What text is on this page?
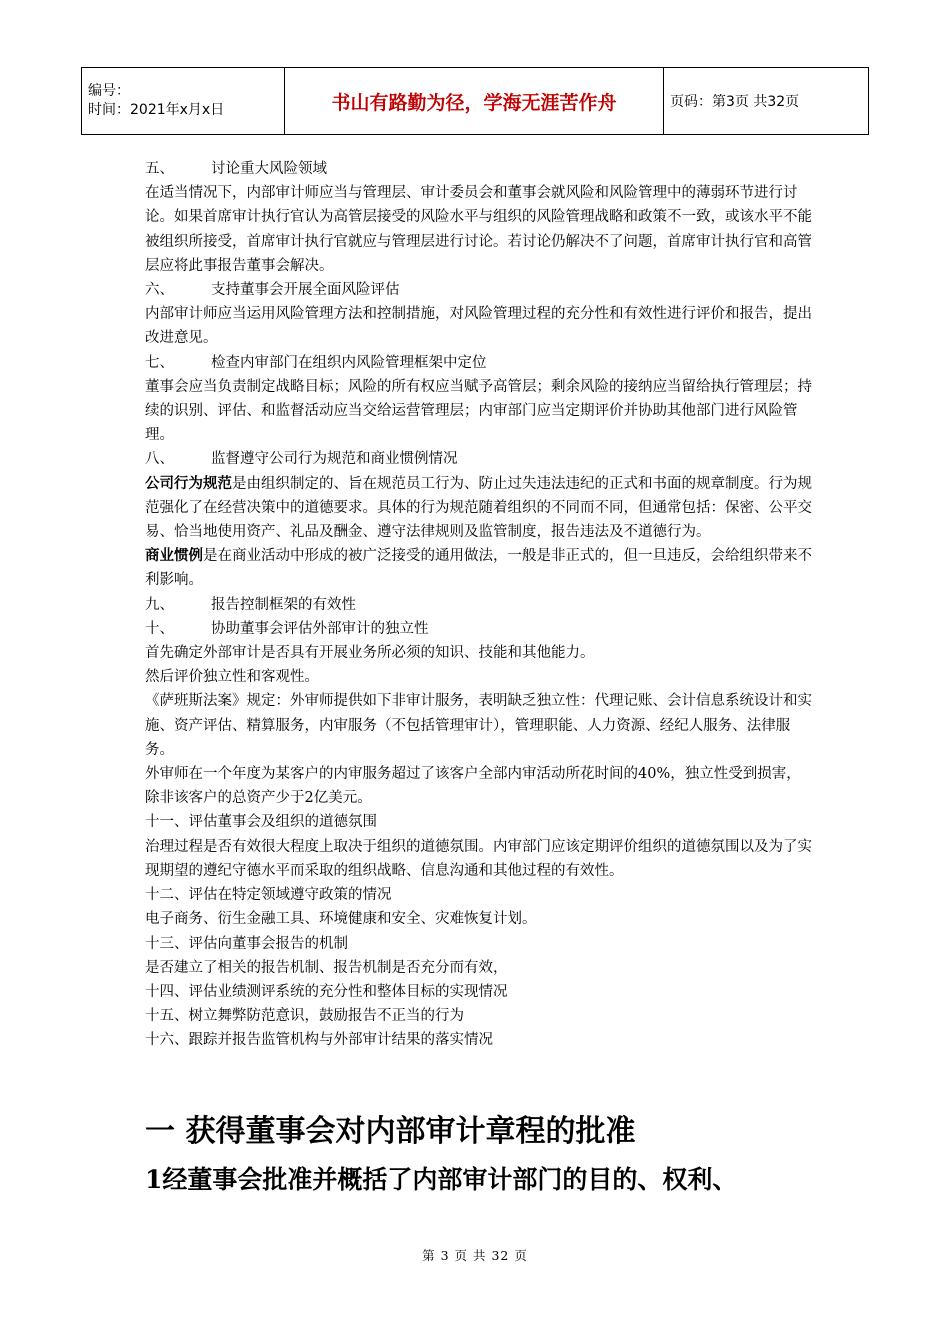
编号：
时间：2021年x月x日	书山有路勤为径，学海无涯苦作舟	页码：第3页 共32页
五、	讨论重大风险领域

在适当情况下，内部审计师应当与管理层、审计委员会和董事会就风险和风险管理中的薄弱环节进行讨论。如果首席审计执行官认为高管层接受的风险水平与组织的风险管理战略和政策不一致，或该水平不能被组织所接受，首席审计执行官就应与管理层进行讨论。若讨论仍解决不了问题，首席审计执行官和高管层应将此事报告董事会解决。

六、	支持董事会开展全面风险评估

内部审计师应当运用风险管理方法和控制措施，对风险管理过程的充分性和有效性进行评价和报告，提出改进意见。

七、	检查内审部门在组织内风险管理框架中定位

董事会应当负责制定战略目标；风险的所有权应当赋予高管层；剩余风险的接纳应当留给执行管理层；持续的识别、评估、和监督活动应当交给运营管理层；内审部门应当定期评价并协助其他部门进行风险管理。

八、	监督遵守公司行为规范和商业惯例情况

公司行为规范是由组织制定的、旨在规范员工行为、防止过失违法违纪的正式和书面的规章制度。行为规范强化了在经营决策中的道德要求。具体的行为规范随着组织的不同而不同，但通常包括：保密、公平交易、恰当地使用资产、礼品及酬金、遵守法律规则及监管制度，报告违法及不道德行为。

商业惯例是在商业活动中形成的被广泛接受的通用做法，一般是非正式的，但一旦违反，会给组织带来不利影响。

九、	报告控制框架的有效性
十、	协助董事会评估外部审计的独立性

首先确定外部审计是否具有开展业务所必须的知识、技能和其他能力。

然后评价独立性和客观性。

《萨班斯法案》规定：外审师提供如下非审计服务，表明缺乏独立性：代理记账、会计信息系统设计和实施、资产评估、精算服务，内审服务（不包括管理审计），管理职能、人力资源、经纪人服务、法律服务。

外审师在一个年度为某客户的内审服务超过了该客户全部内审活动所花时间的40%，独立性受到损害，除非该客户的总资产少于2亿美元。

十一、评估董事会及组织的道德氛围

治理过程是否有效很大程度上取决于组织的道德氛围。内审部门应该定期评价组织的道德氛围以及为了实现期望的遵纪守德水平而采取的组织战略、信息沟通和其他过程的有效性。

十二、评估在特定领域遵守政策的情况

电子商务、衍生金融工具、环境健康和安全、灾难恢复计划。

十三、评估向董事会报告的机制

是否建立了相关的报告机制、报告机制是否充分而有效，

十四、评估业绩测评系统的充分性和整体目标的实现情况

十五、树立舞弊防范意识，鼓励报告不正当的行为

十六、跟踪并报告监管机构与外部审计结果的落实情况

一 获得董事会对内部审计章程的批准
1经董事会批准并概括了内部审计部门的目的、权利、
第 3 页 共 32 页
